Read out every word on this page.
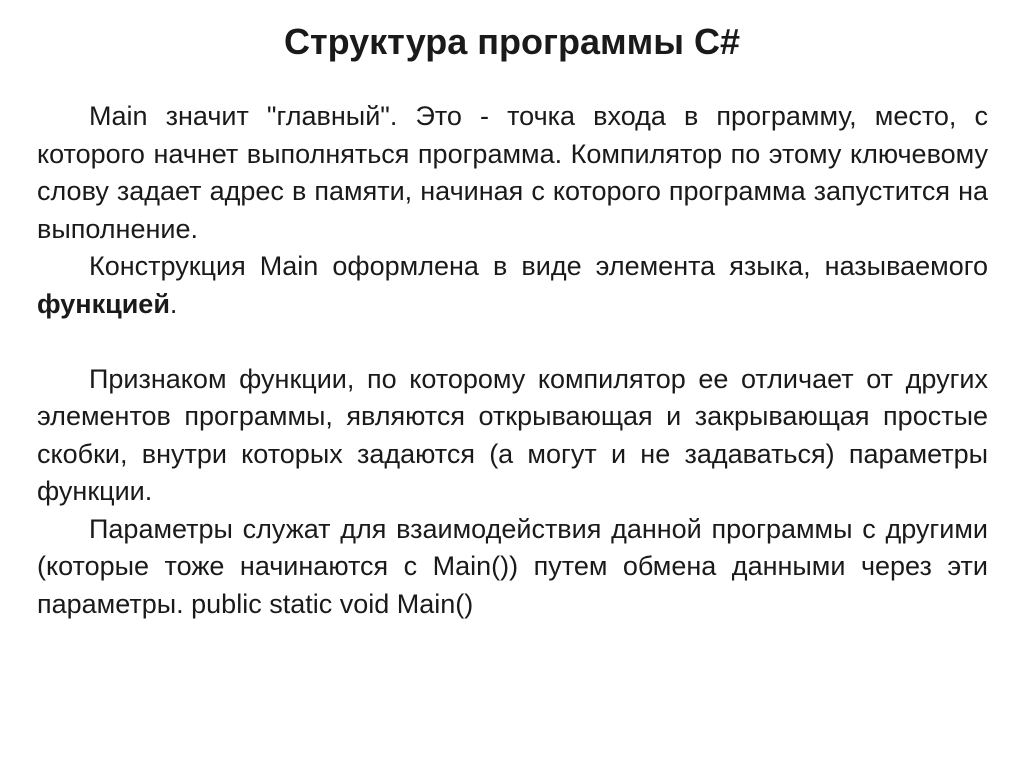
Структура программы C#

Main значит "главный". Это - точка входа в программу, место, с которого начнет выполняться программа. Компилятор по этому ключевому слову задает адрес в памяти, начиная с которого программа запустится на выполнение.

Конструкция Main оформлена в виде элемента языка, называемого функцией.

Признаком функции, по которому компилятор ее отличает от других элементов программы, являются открывающая и закрывающая простые скобки, внутри которых задаются (а могут и не задаваться) параметры функции.

Параметры служат для взаимодействия данной программы с другими (которые тоже начинаются с Main()) путем обмена данными через эти параметры. public static void Main()
